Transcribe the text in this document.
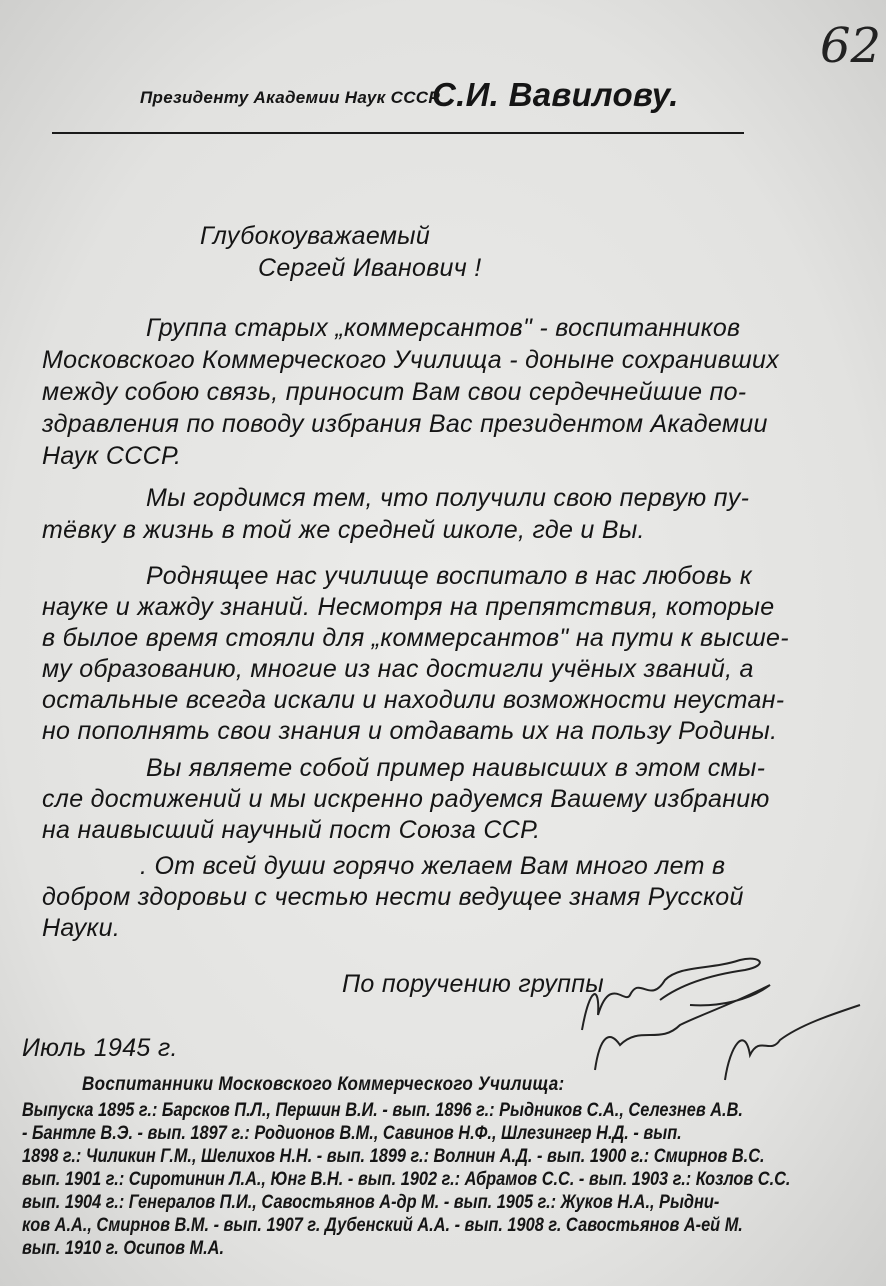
62
Президенту Академии Наук СССР
С.И. Вавилову.
Глубокоуважаемый
Сергей Иванович !
Группа старых „коммерсантов" - воспитанников
Московского Коммерческого Училища - доныне сохранивших
между собою связь, приносит Вам свои сердечнейшие по-
здравления по поводу избрания Вас президентом Академии
Наук СССР.
Мы гордимся тем, что получили свою первую пу-
тёвку в жизнь в той же средней школе, где и Вы.
Роднящее нас училище воспитало в нас любовь к
науке и жажду знаний. Несмотря на препятствия, которые
в былое время стояли для „коммерсантов" на пути к высше-
му образованию, многие из нас достигли учёных званий, а
остальные всегда искали и находили возможности неустан-
но пополнять свои знания и отдавать их на пользу Родины.
Вы являете собой пример наивысших в этом смы-
сле достижений и мы искренно радуемся Вашему избранию
на наивысший научный пост Союза ССР.
. От всей души горячо желаем Вам много лет в
добром здоровьи с честью нести ведущее знамя Русской
Науки.
По поручению группы
Июль 1945 г.
Воспитанники Московского Коммерческого Училища:
Выпуска 1895 г.: Барсков П.Л., Першин В.И. - вып. 1896 г.: Рыдников С.А., Селезнев А.В.
- Бантле В.Э. - вып. 1897 г.: Родионов В.М., Савинов Н.Ф., Шлезингер Н.Д. - вып.
1898 г.: Чиликин Г.М., Шелихов Н.Н. - вып. 1899 г.: Волнин А.Д. - вып. 1900 г.: Смирнов В.С.
вып. 1901 г.: Сиротинин Л.А., Юнг В.Н. - вып. 1902 г.: Абрамов С.С. - вып. 1903 г.: Козлов С.С.
вып. 1904 г.: Генералов П.И., Савостьянов А-др М. - вып. 1905 г.: Жуков Н.А., Рыдни-
ков А.А., Смирнов В.М. - вып. 1907 г. Дубенский А.А. - вып. 1908 г. Савостьянов А-ей М.
вып. 1910 г. Осипов М.А.
